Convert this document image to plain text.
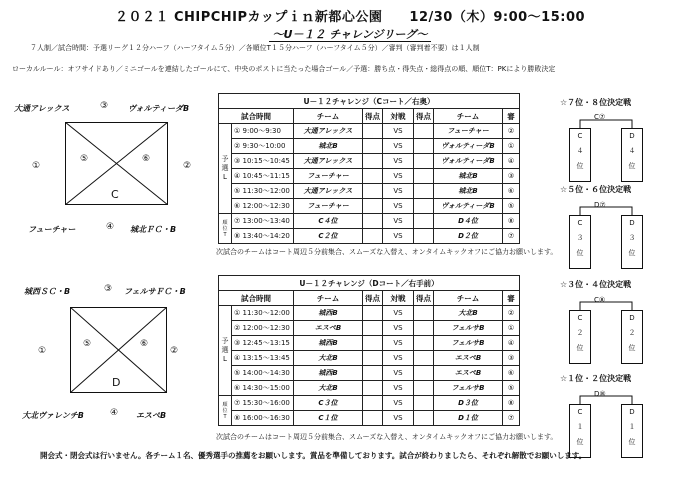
２０２１ CHIPCHIPカップｉｎ新都心公園　　12/30（木）9:00～15:00
～U－１２ チャレンジリーグ～
７人制／試合時間：予選リーグ１２分ハーフ（ハーフタイム５分）／各順位T１５分ハーフ（ハーフタイム５分）／審判（審判着不要）は１人制
ローカルルール：オフサイドあり／ミニゴールを連結したゴールにて、中央のポストに当たった場合ゴール／予選：勝ち点・得失点・総得点の順、順位T：PKにより勝敗決定
大通アレックス	③ ヴォルティーダB
①	②
⑤	⑥
C
フューチャー	④ 城北ＦＣ・B
U－１２チャレンジ（Cコート／右奥）							
試合時間		チーム	得点	対戦	得点	チーム	審
予選L	① 9:00～9:30	大通アレックス		VS		フューチャー	②
	② 9:30～10:00	城北B		VS		ヴォルティーダB	①
	③ 10:15～10:45	大通アレックス		VS		ヴォルティーダB	④
	④ 10:45～11:15	フューチャー		VS		城北B	③
	⑤ 11:30～12:00	大通アレックス		VS		城北B	⑥
	⑥ 12:00～12:30	フューチャー		VS		ヴォルティーダB	⑤
順位T	⑦ 13:00～13:40	C４位		VS		D４位	⑧
	⑧ 13:40～14:20	C２位		VS		D２位	⑦
次試合のチームはコート周辺５分前集合、スムーズな入替え、オンタイムキックオフにご協力お願いします。
城西ＳＣ・B	③ フェルサＦＣ・B
①	②
⑤	⑥
D
大北ヴァレンチB	④ エスペB
U－１２チャレンジ（Dコート／右手前）							
試合時間		チーム	得点	対戦	得点	チーム	審
予選L	① 11:30～12:00	城西B		VS		大北B	②
	② 12:00～12:30	エスペB		VS		フェルサB	①
	③ 12:45～13:15	城西B		VS		フェルサB	④
	④ 13:15～13:45	大北B		VS		エスペB	③
	⑤ 14:00～14:30	城西B		VS		エスペB	⑥
	⑥ 14:30～15:00	大北B		VS		フェルサB	⑤
順位T	⑦ 15:30～16:00	C３位		VS		D３位	⑧
	⑧ 16:00～16:30	C１位		VS		D１位	⑦
次試合のチームはコート周辺５分前集合、スムーズな入替え、オンタイムキックオフにご協力お願いします。
☆７位・８位決定戦
C⑦
C
４
位
D
４
位
☆５位・６位決定戦
D⑦
C
３
位
D
３
位
☆３位・４位決定戦
C⑧
C
２
位
D
２
位
☆１位・２位決定戦
D⑧
C
１
位
D
１
位
開会式・閉会式は行いません。各チーム１名、優秀選手の推薦をお願いします。賞品を準備しております。試合が終わりましたら、それぞれ解散でお願いします。
